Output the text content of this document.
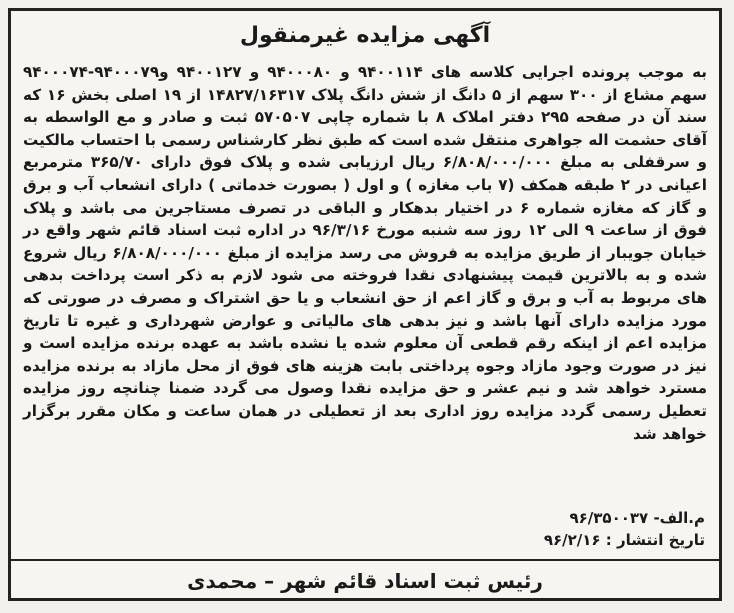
آگهی مزایده غیرمنقول

به موجب پرونده اجرایی کلاسه های ۹۴۰۰۱۱۴ و ۹۴۰۰۰۸۰ و ۹۴۰۰۱۲۷ و۹۴۰۰۰۷۹-۹۴۰۰۰۷۴ سهم مشاع از ۳۰۰ سهم از ۵ دانگ از شش دانگ پلاک ۱۴۸۲۷/۱۶۳۱۷ از ۱۹ اصلی بخش ۱۶ که سند آن در صفحه ۲۹۵ دفتر املاک ۸ با شماره چاپی ۵۷۰۵۰۷ ثبت و صادر و مع الواسطه به آقای حشمت اله جواهری منتقل شده است که طبق نظر کارشناس رسمی با احتساب مالکیت و سرقفلی به مبلغ ۶/۸۰۸/۰۰۰/۰۰۰ ریال ارزیابی شده و پلاک فوق دارای ۳۶۵/۷۰ مترمربع اعیانی در ۲ طبقه همکف (۷ باب مغازه ) و اول ( بصورت خدماتی ) دارای انشعاب آب و برق و گاز که مغازه شماره ۶ در اختیار بدهکار و الباقی در تصرف مستاجرین می باشد و پلاک فوق از ساعت ۹ الی ۱۲ روز سه شنبه مورخ ۹۶/۳/۱۶ در اداره ثبت اسناد قائم شهر واقع در خیابان جویبار از طریق مزایده به فروش می رسد مزایده از مبلغ ۶/۸۰۸/۰۰۰/۰۰۰ ریال شروع شده و به بالاترین قیمت پیشنهادی نقدا فروخته می شود لازم به ذکر است پرداخت بدهی های مربوط به آب و برق و گاز اعم از حق انشعاب و یا حق اشتراک و مصرف در صورتی که مورد مزایده دارای آنها باشد و نیز بدهی های مالیاتی و عوارض شهرداری و غیره تا تاریخ مزایده اعم از اینکه رقم قطعی آن معلوم شده یا نشده باشد به عهده برنده مزایده است و نیز در صورت وجود مازاد وجوه پرداختی بابت هزینه های فوق از محل مازاد به برنده مزایده مسترد خواهد شد و نیم عشر و حق مزایده نقدا وصول می گردد ضمنا چنانچه روز مزایده تعطیل رسمی گردد مزایده روز اداری بعد از تعطیلی در همان ساعت و مکان مقرر برگزار خواهد شد

م.الف- ۹۶/۳۵۰۰۳۷
تاریخ انتشار : ۹۶/۲/۱۶
رئیس ثبت اسناد قائم شهر – محمدی
